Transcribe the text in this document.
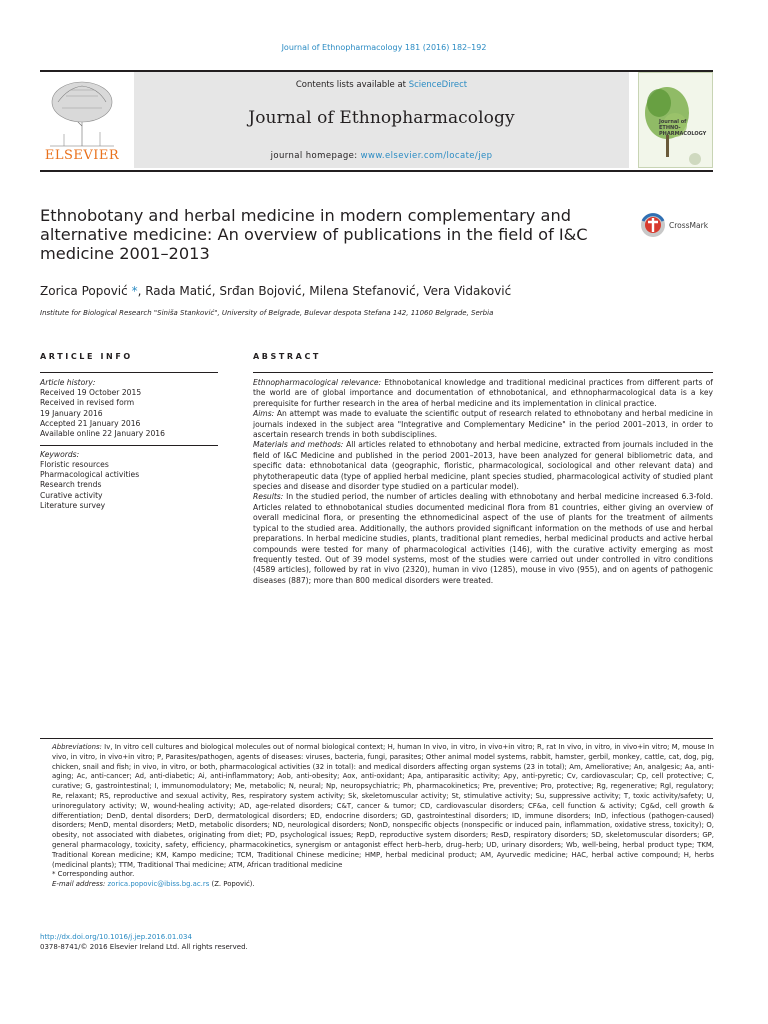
Journal of Ethnopharmacology 181 (2016) 182–192
ELSEVIER
Contents lists available at ScienceDirect
Journal of Ethnopharmacology
journal homepage: www.elsevier.com/locate/jep
Journal of
ETHNO-
PHARMACOLOGY
Ethnobotany and herbal medicine in modern complementary and alternative medicine: An overview of publications in the field of I&C medicine 2001–2013
CrossMark
Zorica Popović *, Rada Matić, Srđan Bojović, Milena Stefanović, Vera Vidaković
Institute for Biological Research "Siniša Stanković", University of Belgrade, Bulevar despota Stefana 142, 11060 Belgrade, Serbia
ARTICLE INFO	ABSTRACT
Article history:
Received 19 October 2015
Received in revised form
19 January 2016
Accepted 21 January 2016
Available online 22 January 2016
Keywords:
Floristic resources
Pharmacological activities
Research trends
Curative activity
Literature survey

Ethnopharmacological relevance: Ethnobotanical knowledge and traditional medicinal practices from different parts of the world are of global importance and documentation of ethnobotanical, and ethnopharmacological data is a key prerequisite for further research in the area of herbal medicine and its implementation in clinical practice.

Aims: An attempt was made to evaluate the scientific output of research related to ethnobotany and herbal medicine in journals indexed in the subject area "Integrative and Complementary Medicine" in the period 2001–2013, in order to ascertain research trends in both subdisciplines.

Materials and methods: All articles related to ethnobotany and herbal medicine, extracted from journals included in the field of I&C Medicine and published in the period 2001–2013, have been analyzed for general bibliometric data, and specific data: ethnobotanical data (geographic, floristic, pharmacological, sociological and other relevant data) and phytotherapeutic data (type of applied herbal medicine, plant species studied, pharmacological activity of studied plant species and disease and disorder type studied on a particular model).

Results: In the studied period, the number of articles dealing with ethnobotany and herbal medicine increased 6.3-fold. Articles related to ethnobotanical studies documented medicinal flora from 81 countries, either giving an overview of overall medicinal flora, or presenting the ethnomedicinal aspect of the use of plants for the treatment of ailments typical to the studied area. Additionally, the authors provided significant information on the methods of use and herbal preparations. In herbal medicine studies, plants, traditional plant remedies, herbal medicinal products and active herbal compounds were tested for many of pharmacological activities (146), with the curative activity emerging as most frequently tested. Out of 39 model systems, most of the studies were carried out under controlled in vitro conditions (4589 articles), followed by rat in vivo (2320), human in vivo (1285), mouse in vivo (955), and on agents of pathogenic diseases (887); more than 800 medical disorders were treated.

Abbreviations: Iv, In vitro cell cultures and biological molecules out of normal biological context; H, human In vivo, in vitro, in vivo+in vitro; R, rat In vivo, in vitro, in vivo+in vitro; M, mouse In vivo, in vitro, in vivo+in vitro; P, Parasites/pathogen, agents of diseases: viruses, bacteria, fungi, parasites; Other animal model systems, rabbit, hamster, gerbil, monkey, cattle, cat, dog, pig, chicken, snail and fish; in vivo, in vitro, or both, pharmacological activities (32 in total): and medical disorders affecting organ systems (23 in total); Am, Ameliorative; An, analgesic; Aa, anti-aging; Ac, anti-cancer; Ad, anti-diabetic; Ai, anti-inflammatory; Aob, anti-obesity; Aox, anti-oxidant; Apa, antiparasitic activity; Apy, anti-pyretic; Cv, cardiovascular; Cp, cell protective; C, curative; G, gastrointestinal; I, immunomodulatory; Me, metabolic; N, neural; Np, neuropsychiatric; Ph, pharmacokinetics; Pre, preventive; Pro, protective; Rg, regenerative; Rgl, regulatory; Re, relaxant; RS, reproductive and sexual activity, Res, respiratory system activity; Sk, skeletomuscular activity; St, stimulative activity; Su, suppressive activity; T, toxic activity/safety; U, urinoregulatory activity; W, wound-healing activity; AD, age-related disorders; C&T, cancer & tumor; CD, cardiovascular disorders; CF&a, cell function & activity; Cg&d, cell growth & differentiation; DenD, dental disorders; DerD, dermatological disorders; ED, endocrine disorders; GD, gastrointestinal disorders; ID, immune disorders; InD, infectious (pathogen-caused) disorders; MenD, mental disorders; MetD, metabolic disorders; ND, neurological disorders; NonD, nonspecific objects (nonspecific or induced pain, inflammation, oxidative stress, toxicity); O, obesity, not associated with diabetes, originating from diet; PD, psychological issues; RepD, reproductive system disorders; ResD, respiratory disorders; SD, skeletomuscular disorders; GP, general pharmacology, toxicity, safety, efficiency, pharmacokinetics, synergism or antagonist effect herb–herb, drug–herb; UD, urinary disorders; Wb, well-being, herbal product type; TKM, Traditional Korean medicine; KM, Kampo medicine; TCM, Traditional Chinese medicine; HMP, herbal medicinal product; AM, Ayurvedic medicine; HAC, herbal active compound; H, herbs (medicinal plants); TTM, Traditional Thai medicine; ATM, African traditional medicine

* Corresponding author.

E-mail address: zorica.popovic@ibiss.bg.ac.rs (Z. Popović).

http://dx.doi.org/10.1016/j.jep.2016.01.034
0378-8741/© 2016 Elsevier Ireland Ltd. All rights reserved.
